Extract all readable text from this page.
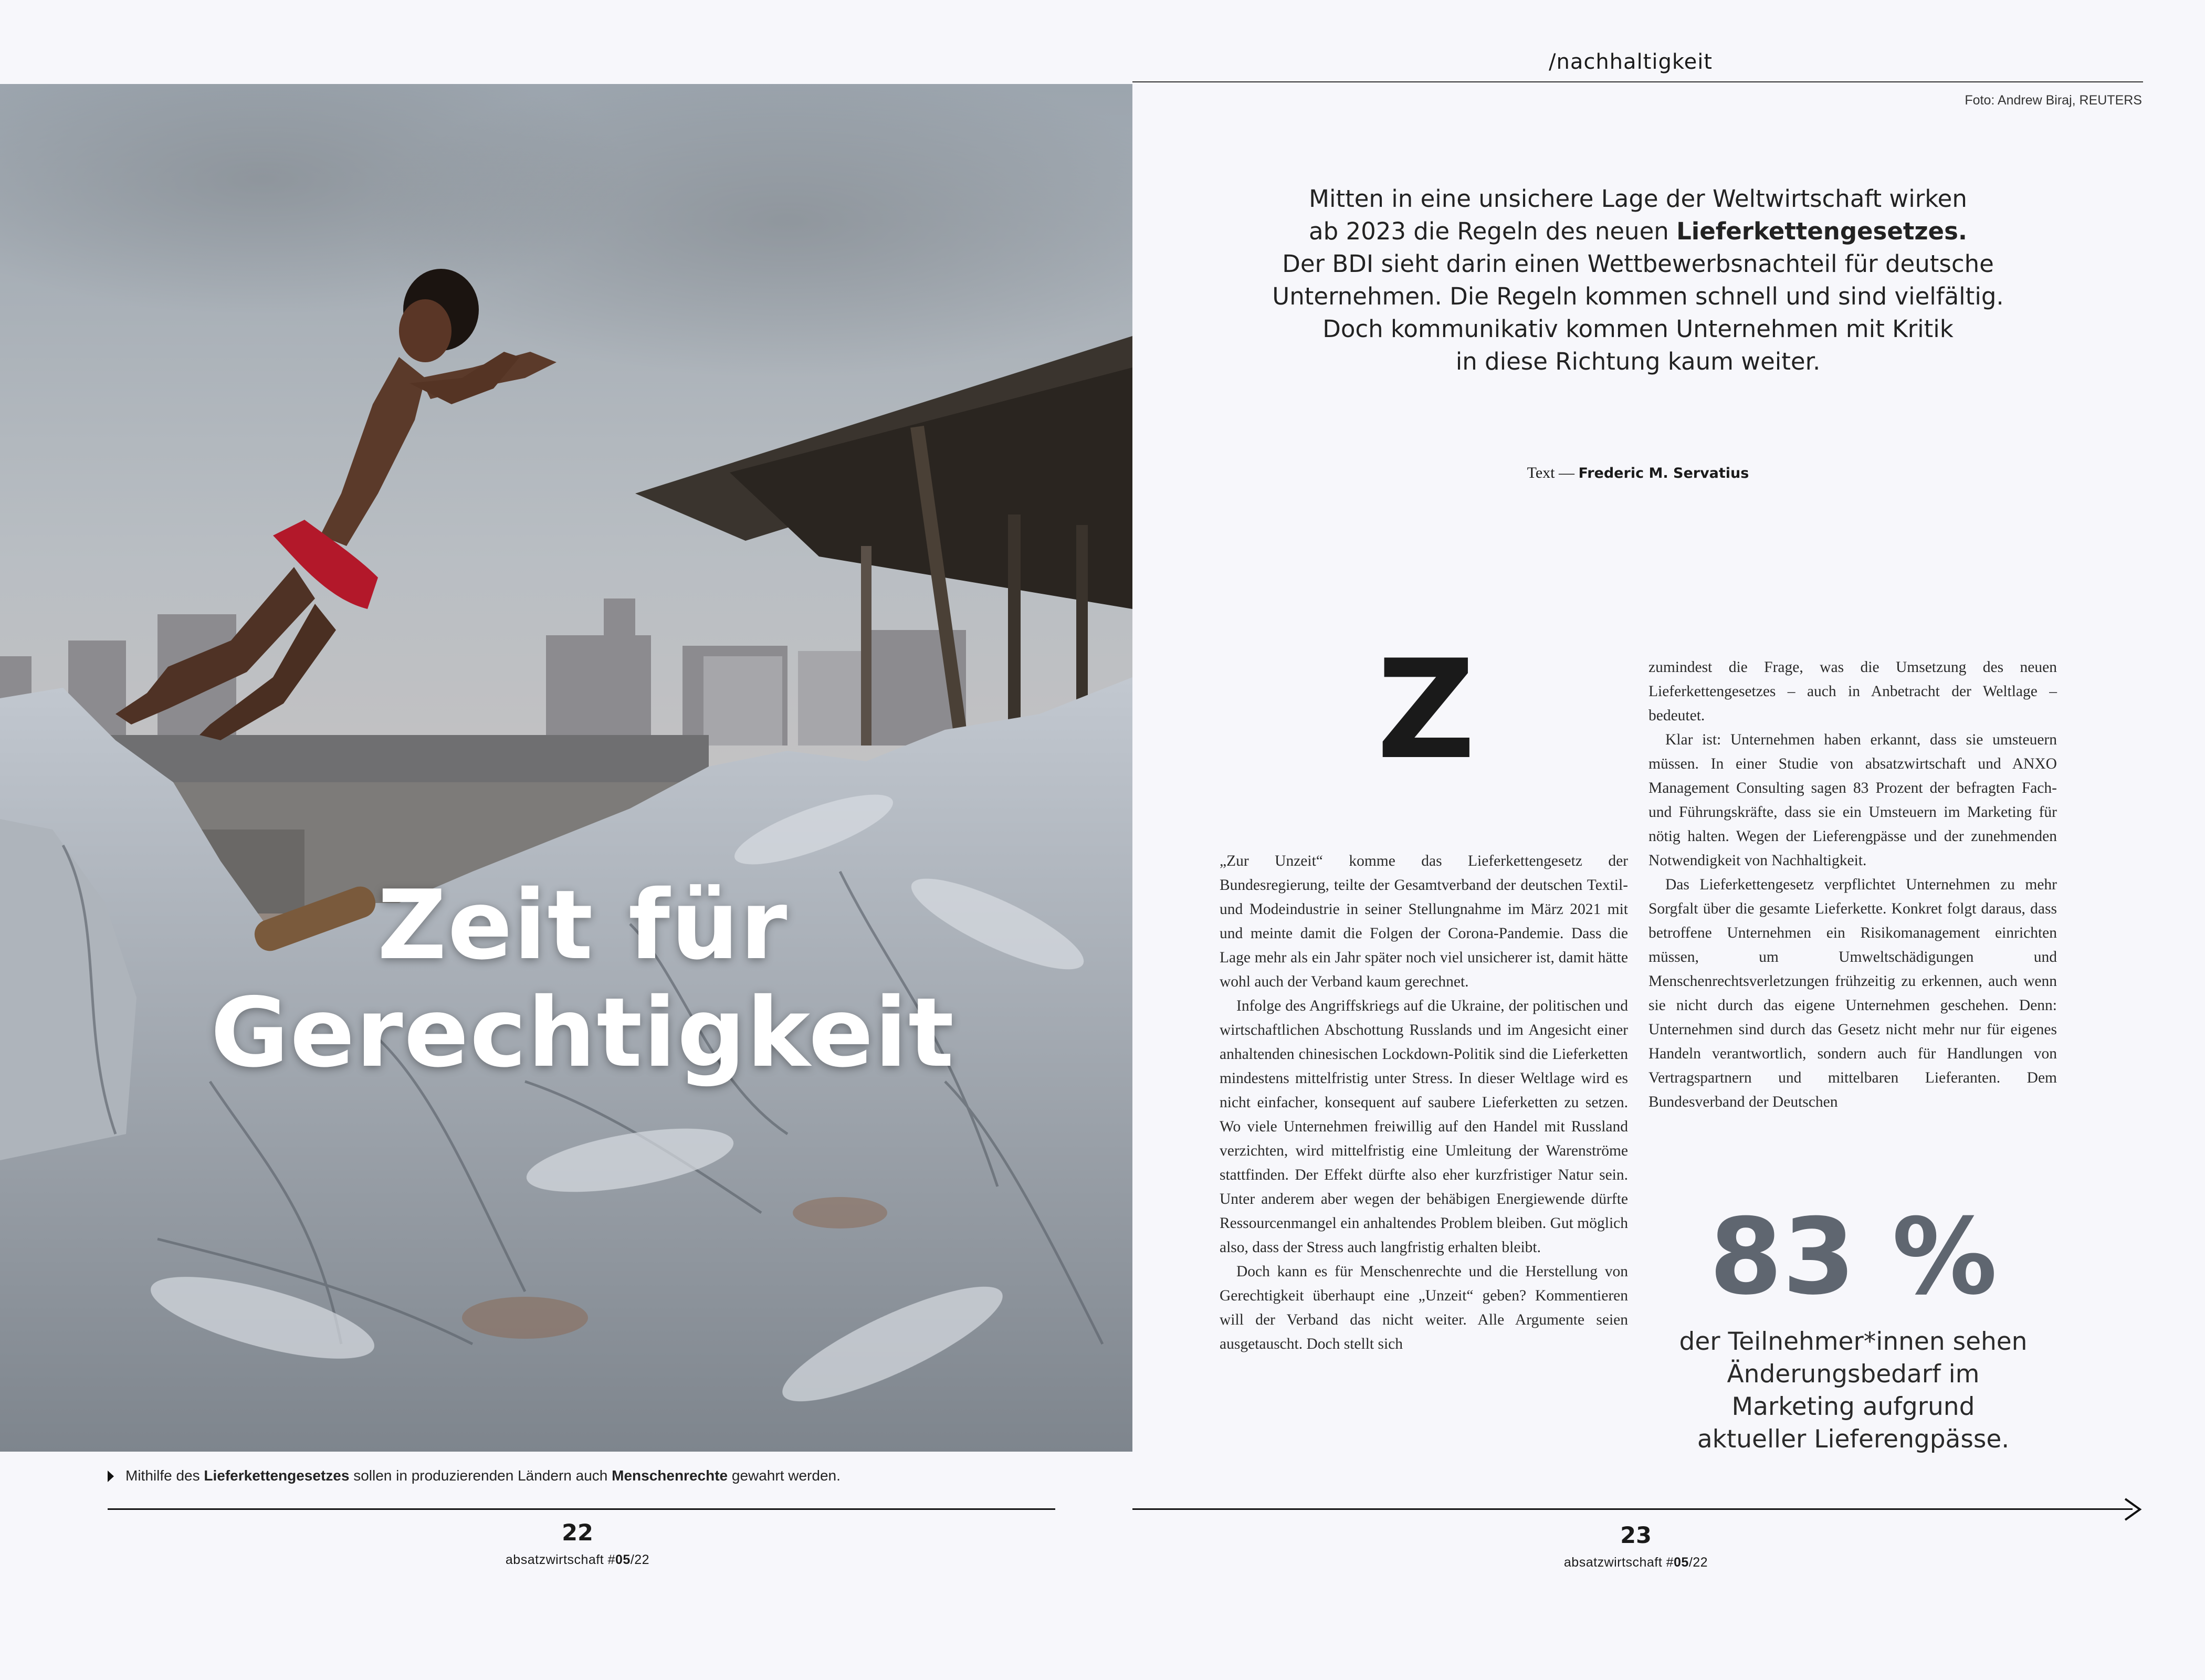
Zeit für
Gerechtigkeit
Mithilfe des Lieferkettengesetzes sollen in produzierenden Ländern auch Menschenrechte gewahrt werden.
22
absatzwirtschaft #05/22
/nachhaltigkeit
Foto: Andrew Biraj, REUTERS
Mitten in eine unsichere Lage der Weltwirtschaft wirken
ab 2023 die Regeln des neuen Lieferkettengesetzes.
Der BDI sieht darin einen Wettbewerbsnachteil für deutsche
Unternehmen. Die Regeln kommen schnell und sind vielfältig.
Doch kommunikativ kommen Unternehmen mit Kritik
in diese Richtung kaum weiter.
Text — Frederic M. Servatius
Z

„Zur Unzeit“ komme das Lieferkettengesetz der Bundesregierung, teilte der Gesamtverband der deutschen Textil- und Modeindustrie in seiner Stellungnahme im März 2021 mit und meinte damit die Folgen der Corona-Pandemie. Dass die Lage mehr als ein Jahr später noch viel unsicherer ist, damit hätte wohl auch der Verband kaum gerechnet.

Infolge des Angriffskriegs auf die Ukraine, der politischen und wirtschaftlichen Abschottung Russlands und im Angesicht einer anhaltenden chinesischen Lockdown-Politik sind die Lieferketten mindestens mittelfristig unter Stress. In dieser Weltlage wird es nicht einfacher, konsequent auf saubere Lieferketten zu setzen. Wo viele Unternehmen freiwillig auf den Handel mit Russland verzichten, wird mittelfristig eine Umleitung der Warenströme stattfinden. Der Effekt dürfte also eher kurzfristiger Natur sein. Unter anderem aber wegen der behäbigen Energiewende dürfte Ressourcenmangel ein anhaltendes Problem bleiben. Gut möglich also, dass der Stress auch langfristig erhalten bleibt.

Doch kann es für Menschenrechte und die Herstellung von Gerechtigkeit überhaupt eine „Unzeit“ geben? Kommentieren will der Verband das nicht weiter. Alle Argumente seien ausgetauscht. Doch stellt sich

zumindest die Frage, was die Umsetzung des neuen Lieferkettengesetzes – auch in Anbetracht der Weltlage – bedeutet.

Klar ist: Unternehmen haben erkannt, dass sie umsteuern müssen. In einer Studie von absatzwirtschaft und ANXO Management Consulting sagen 83 Prozent der befragten Fach- und Führungskräfte, dass sie ein Umsteuern im Marketing für nötig halten. Wegen der Lieferengpässe und der zunehmenden Notwendigkeit von Nachhaltigkeit.

Das Lieferkettengesetz verpflichtet Unternehmen zu mehr Sorgfalt über die gesamte Lieferkette. Konkret folgt daraus, dass betroffene Unternehmen ein Risikomanagement einrichten müssen, um Umweltschädigungen und Menschenrechtsverletzungen frühzeitig zu erkennen, auch wenn sie nicht durch das eigene Unternehmen geschehen. Denn: Unternehmen sind durch das Gesetz nicht mehr nur für eigenes Handeln verantwortlich, sondern auch für Handlungen von Vertragspartnern und mittelbaren Lieferanten. Dem Bundesverband der Deutschen

83 %
der Teilnehmer*innen sehen
Änderungsbedarf im
Marketing aufgrund
aktueller Lieferengpässe.
23
absatzwirtschaft #05/22
